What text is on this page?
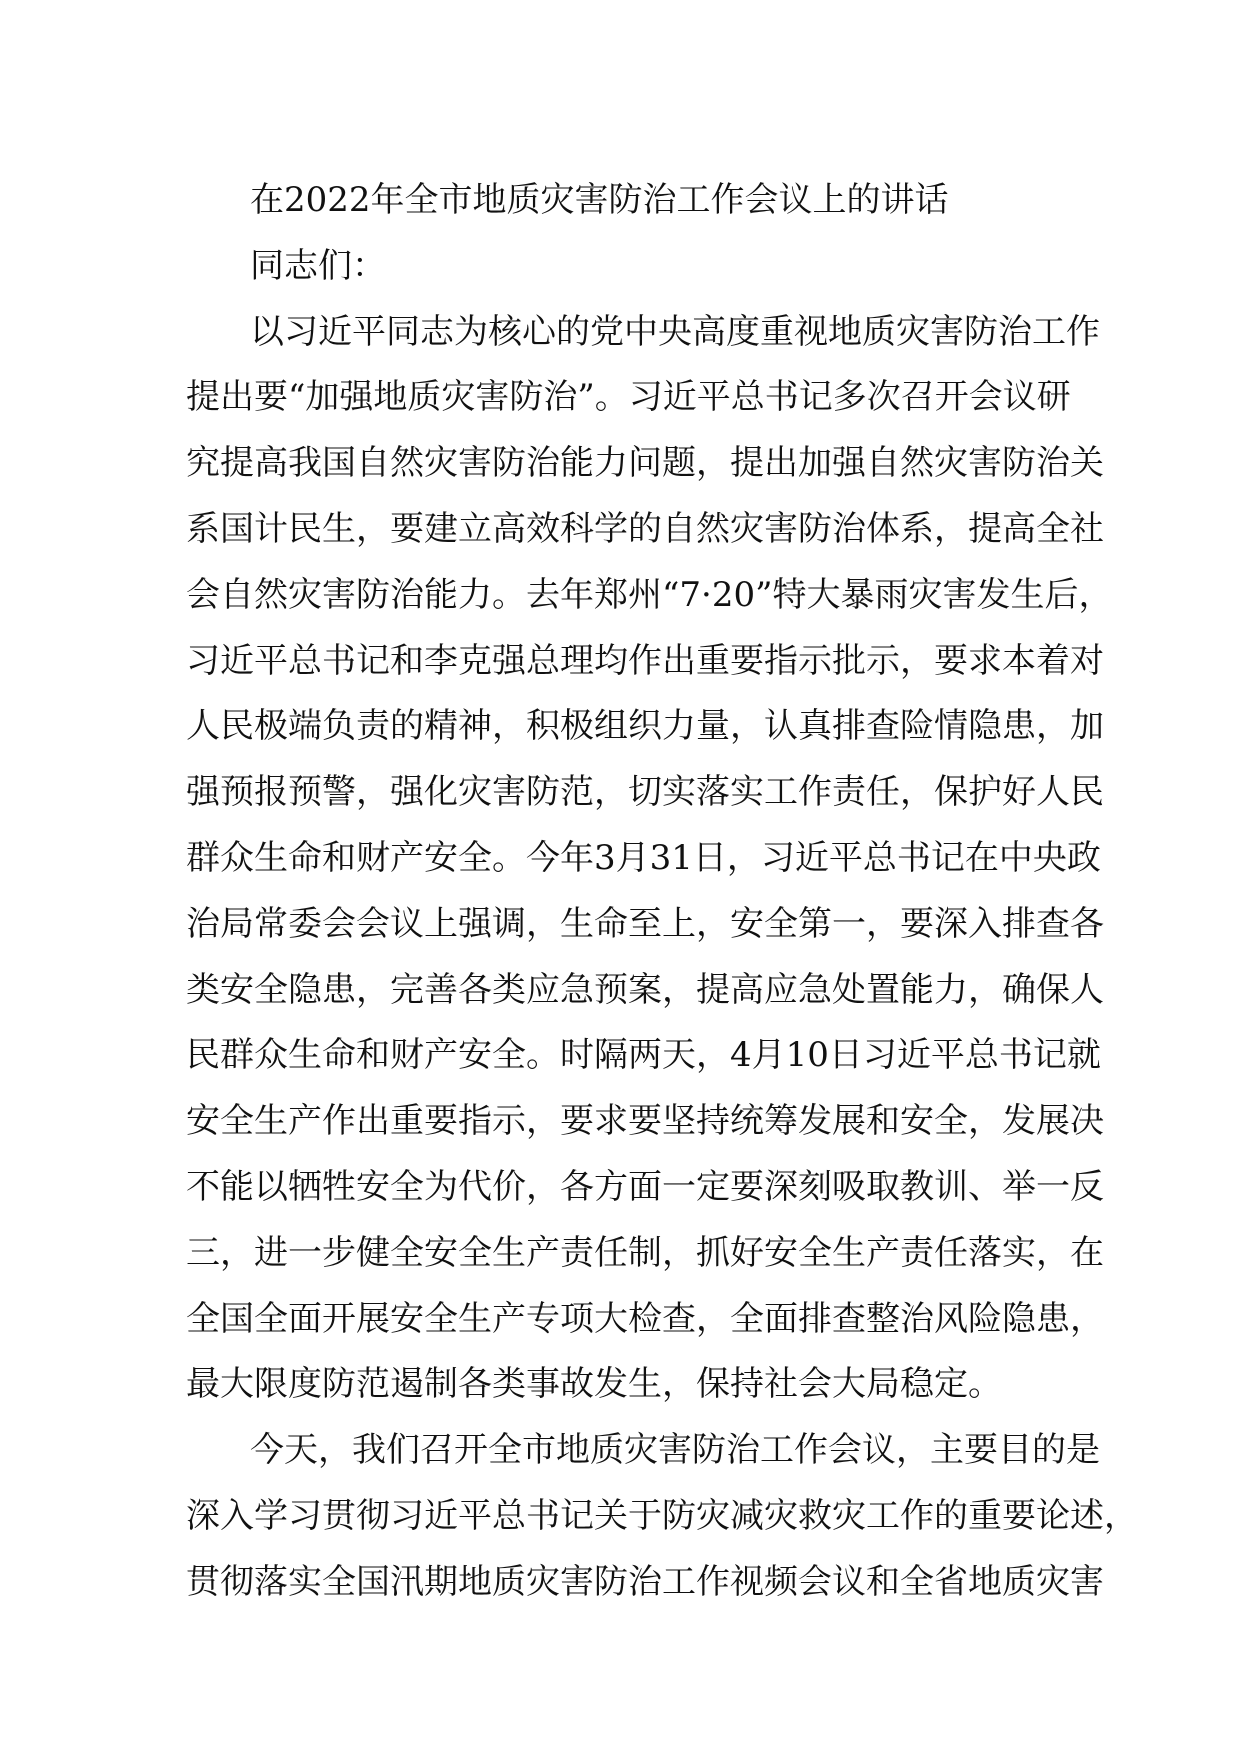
在2022年全市地质灾害防治工作会议上的讲话
同志们：
以习近平同志为核心的党中央高度重视地质灾害防治工作
提出要“加强地质灾害防治”。习近平总书记多次召开会议研
究提高我国自然灾害防治能力问题，提出加强自然灾害防治关
系国计民生，要建立高效科学的自然灾害防治体系，提高全社
会自然灾害防治能力。去年郑州“7·20”特大暴雨灾害发生后，
习近平总书记和李克强总理均作出重要指示批示，要求本着对
人民极端负责的精神，积极组织力量，认真排查险情隐患，加
强预报预警，强化灾害防范，切实落实工作责任，保护好人民
群众生命和财产安全。今年3月31日，习近平总书记在中央政
治局常委会会议上强调，生命至上，安全第一，要深入排查各
类安全隐患，完善各类应急预案，提高应急处置能力，确保人
民群众生命和财产安全。时隔两天，4月10日习近平总书记就
安全生产作出重要指示，要求要坚持统筹发展和安全，发展决
不能以牺牲安全为代价，各方面一定要深刻吸取教训、举一反
三，进一步健全安全生产责任制，抓好安全生产责任落实，在
全国全面开展安全生产专项大检查，全面排查整治风险隐患，
最大限度防范遏制各类事故发生，保持社会大局稳定。
今天，我们召开全市地质灾害防治工作会议，主要目的是
深入学习贯彻习近平总书记关于防灾减灾救灾工作的重要论述，
贯彻落实全国汛期地质灾害防治工作视频会议和全省地质灾害
